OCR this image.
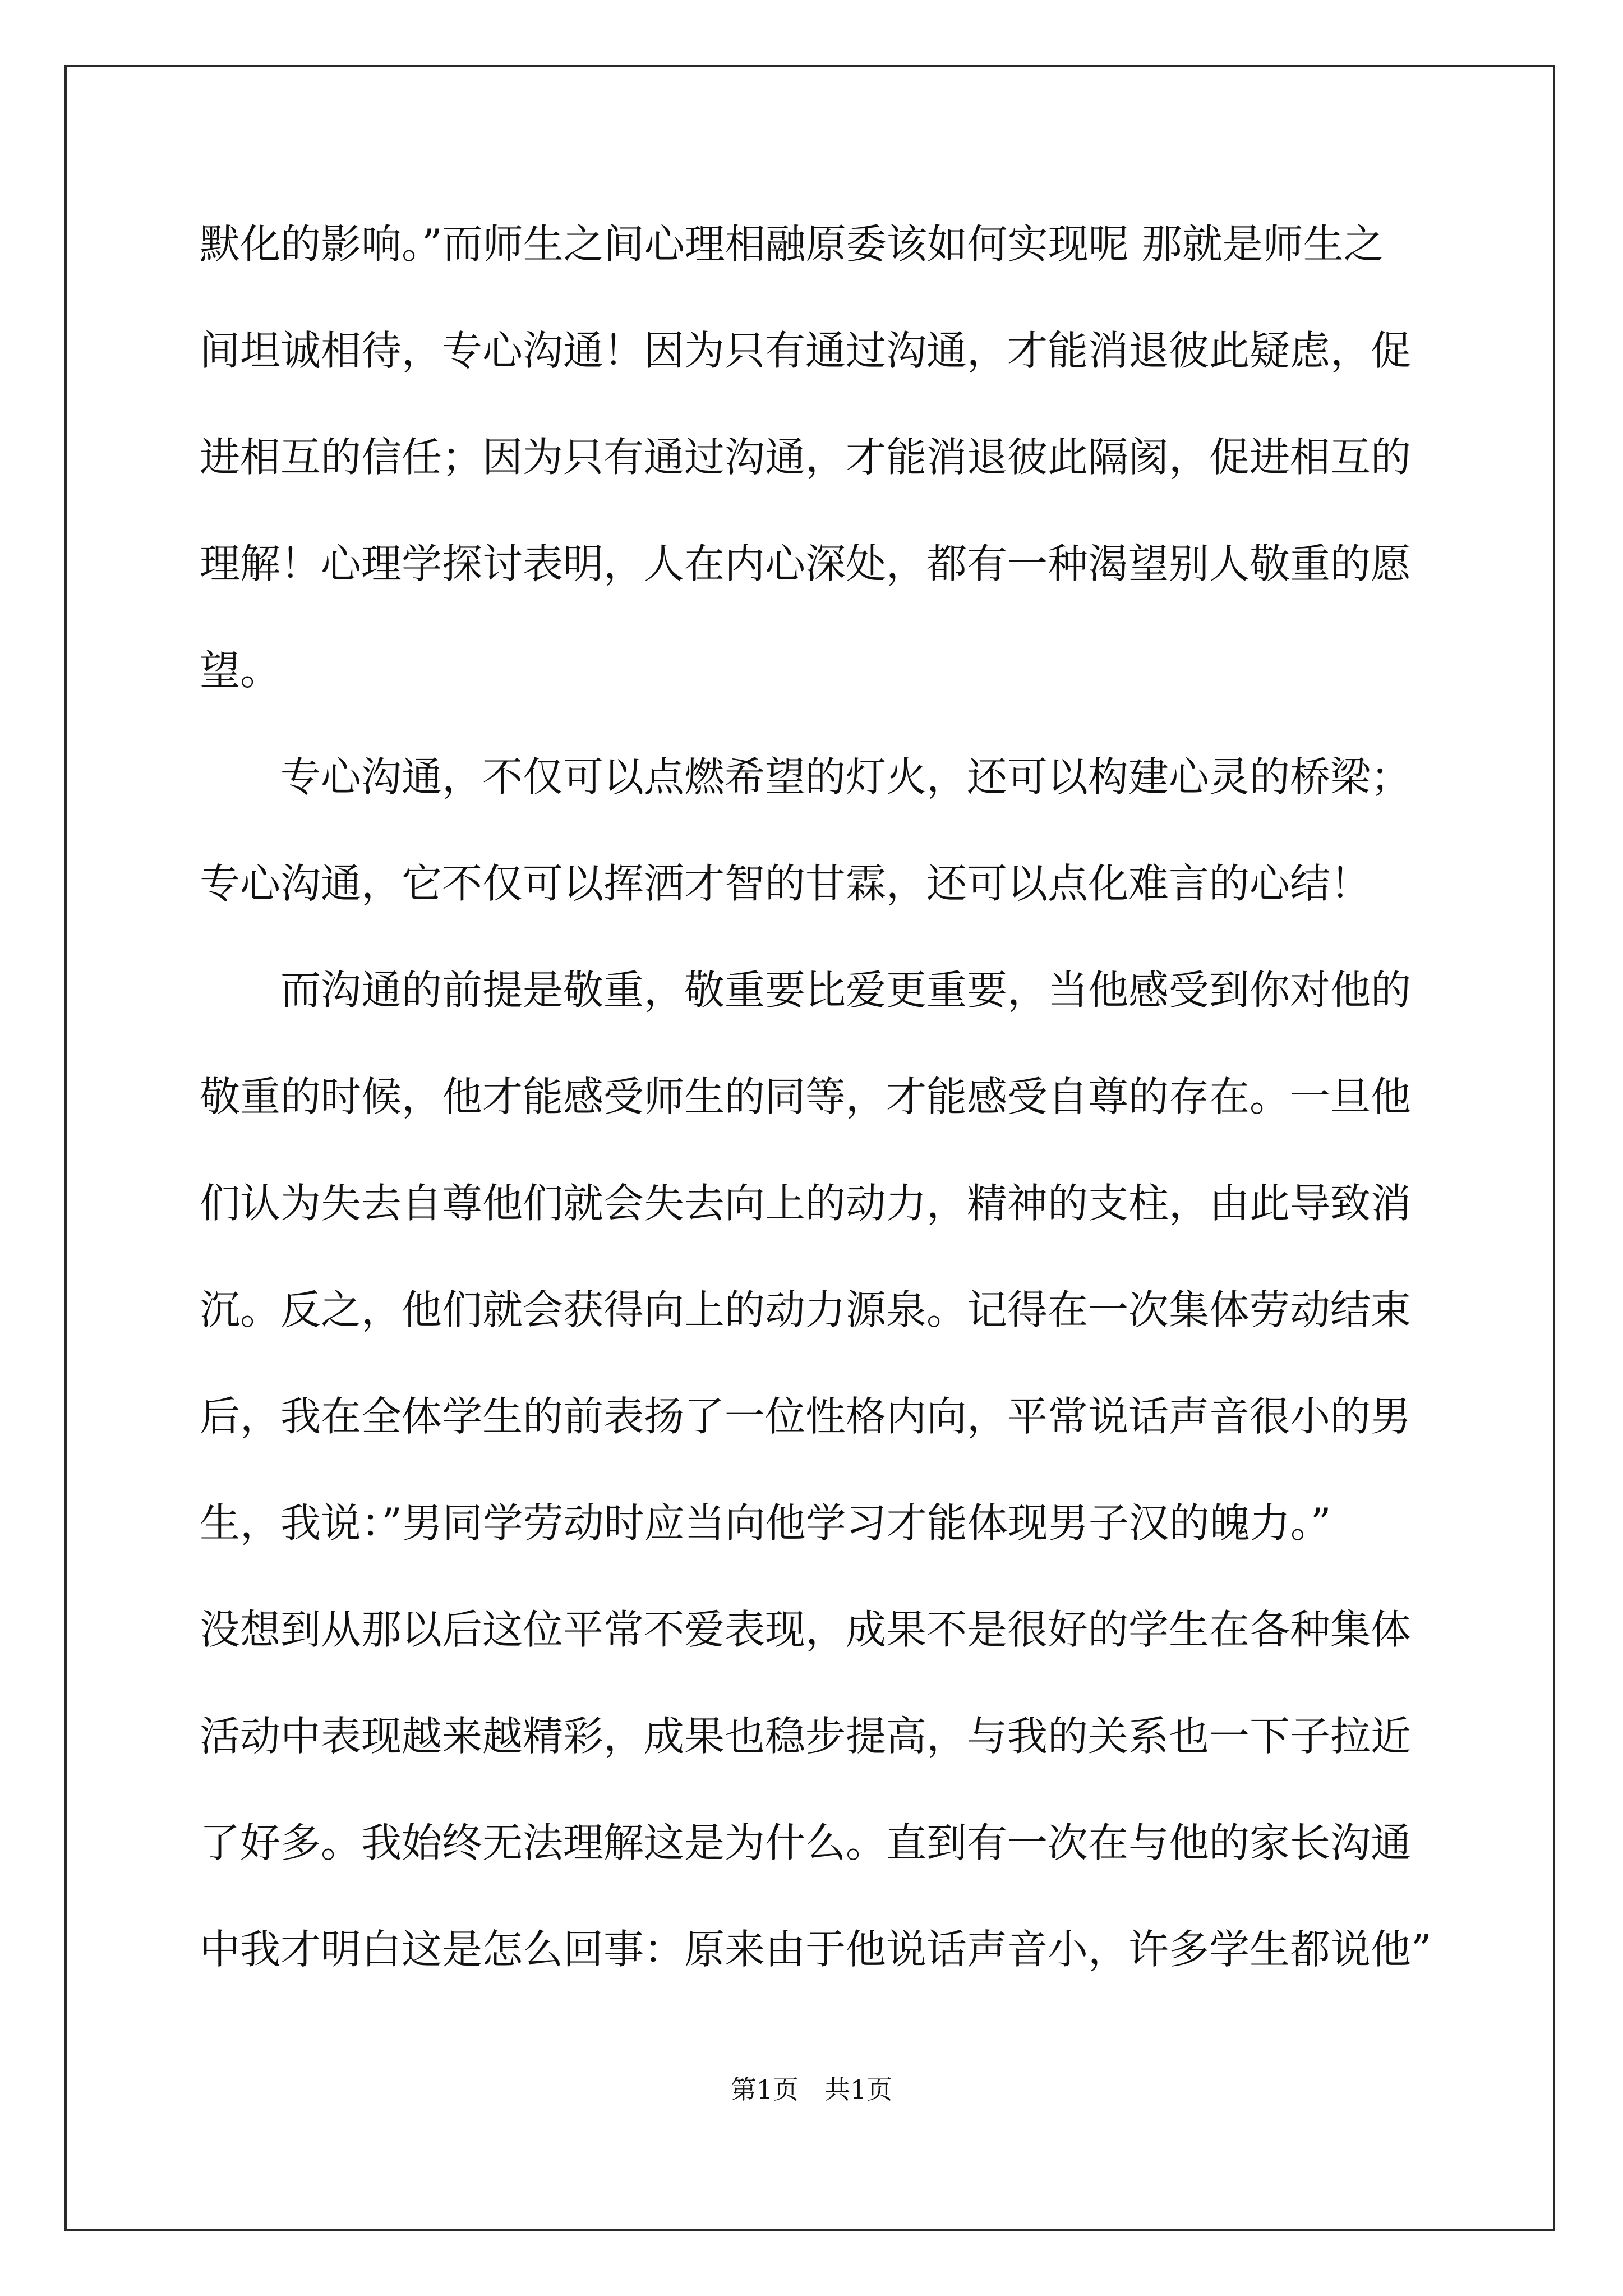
默化的影响。”而师生之间心理相融原委该如何实现呢 那就是师生之
间坦诚相待，专心沟通！因为只有通过沟通，才能消退彼此疑虑，促
进相互的信任；因为只有通过沟通，才能消退彼此隔阂，促进相互的
理解！心理学探讨表明，人在内心深处，都有一种渴望别人敬重的愿
望。
专心沟通，不仅可以点燃希望的灯火，还可以构建心灵的桥梁；
专心沟通，它不仅可以挥洒才智的甘霖，还可以点化难言的心结！
而沟通的前提是敬重，敬重要比爱更重要，当他感受到你对他的
敬重的时候，他才能感受师生的同等，才能感受自尊的存在。一旦他
们认为失去自尊他们就会失去向上的动力，精神的支柱，由此导致消
沉。反之，他们就会获得向上的动力源泉。记得在一次集体劳动结束
后，我在全体学生的前表扬了一位性格内向，平常说话声音很小的男
生，我说：”男同学劳动时应当向他学习才能体现男子汉的魄力。”
没想到从那以后这位平常不爱表现，成果不是很好的学生在各种集体
活动中表现越来越精彩，成果也稳步提高，与我的关系也一下子拉近
了好多。我始终无法理解这是为什么。直到有一次在与他的家长沟通
中我才明白这是怎么回事：原来由于他说话声音小，许多学生都说他”
第1页　共1页
